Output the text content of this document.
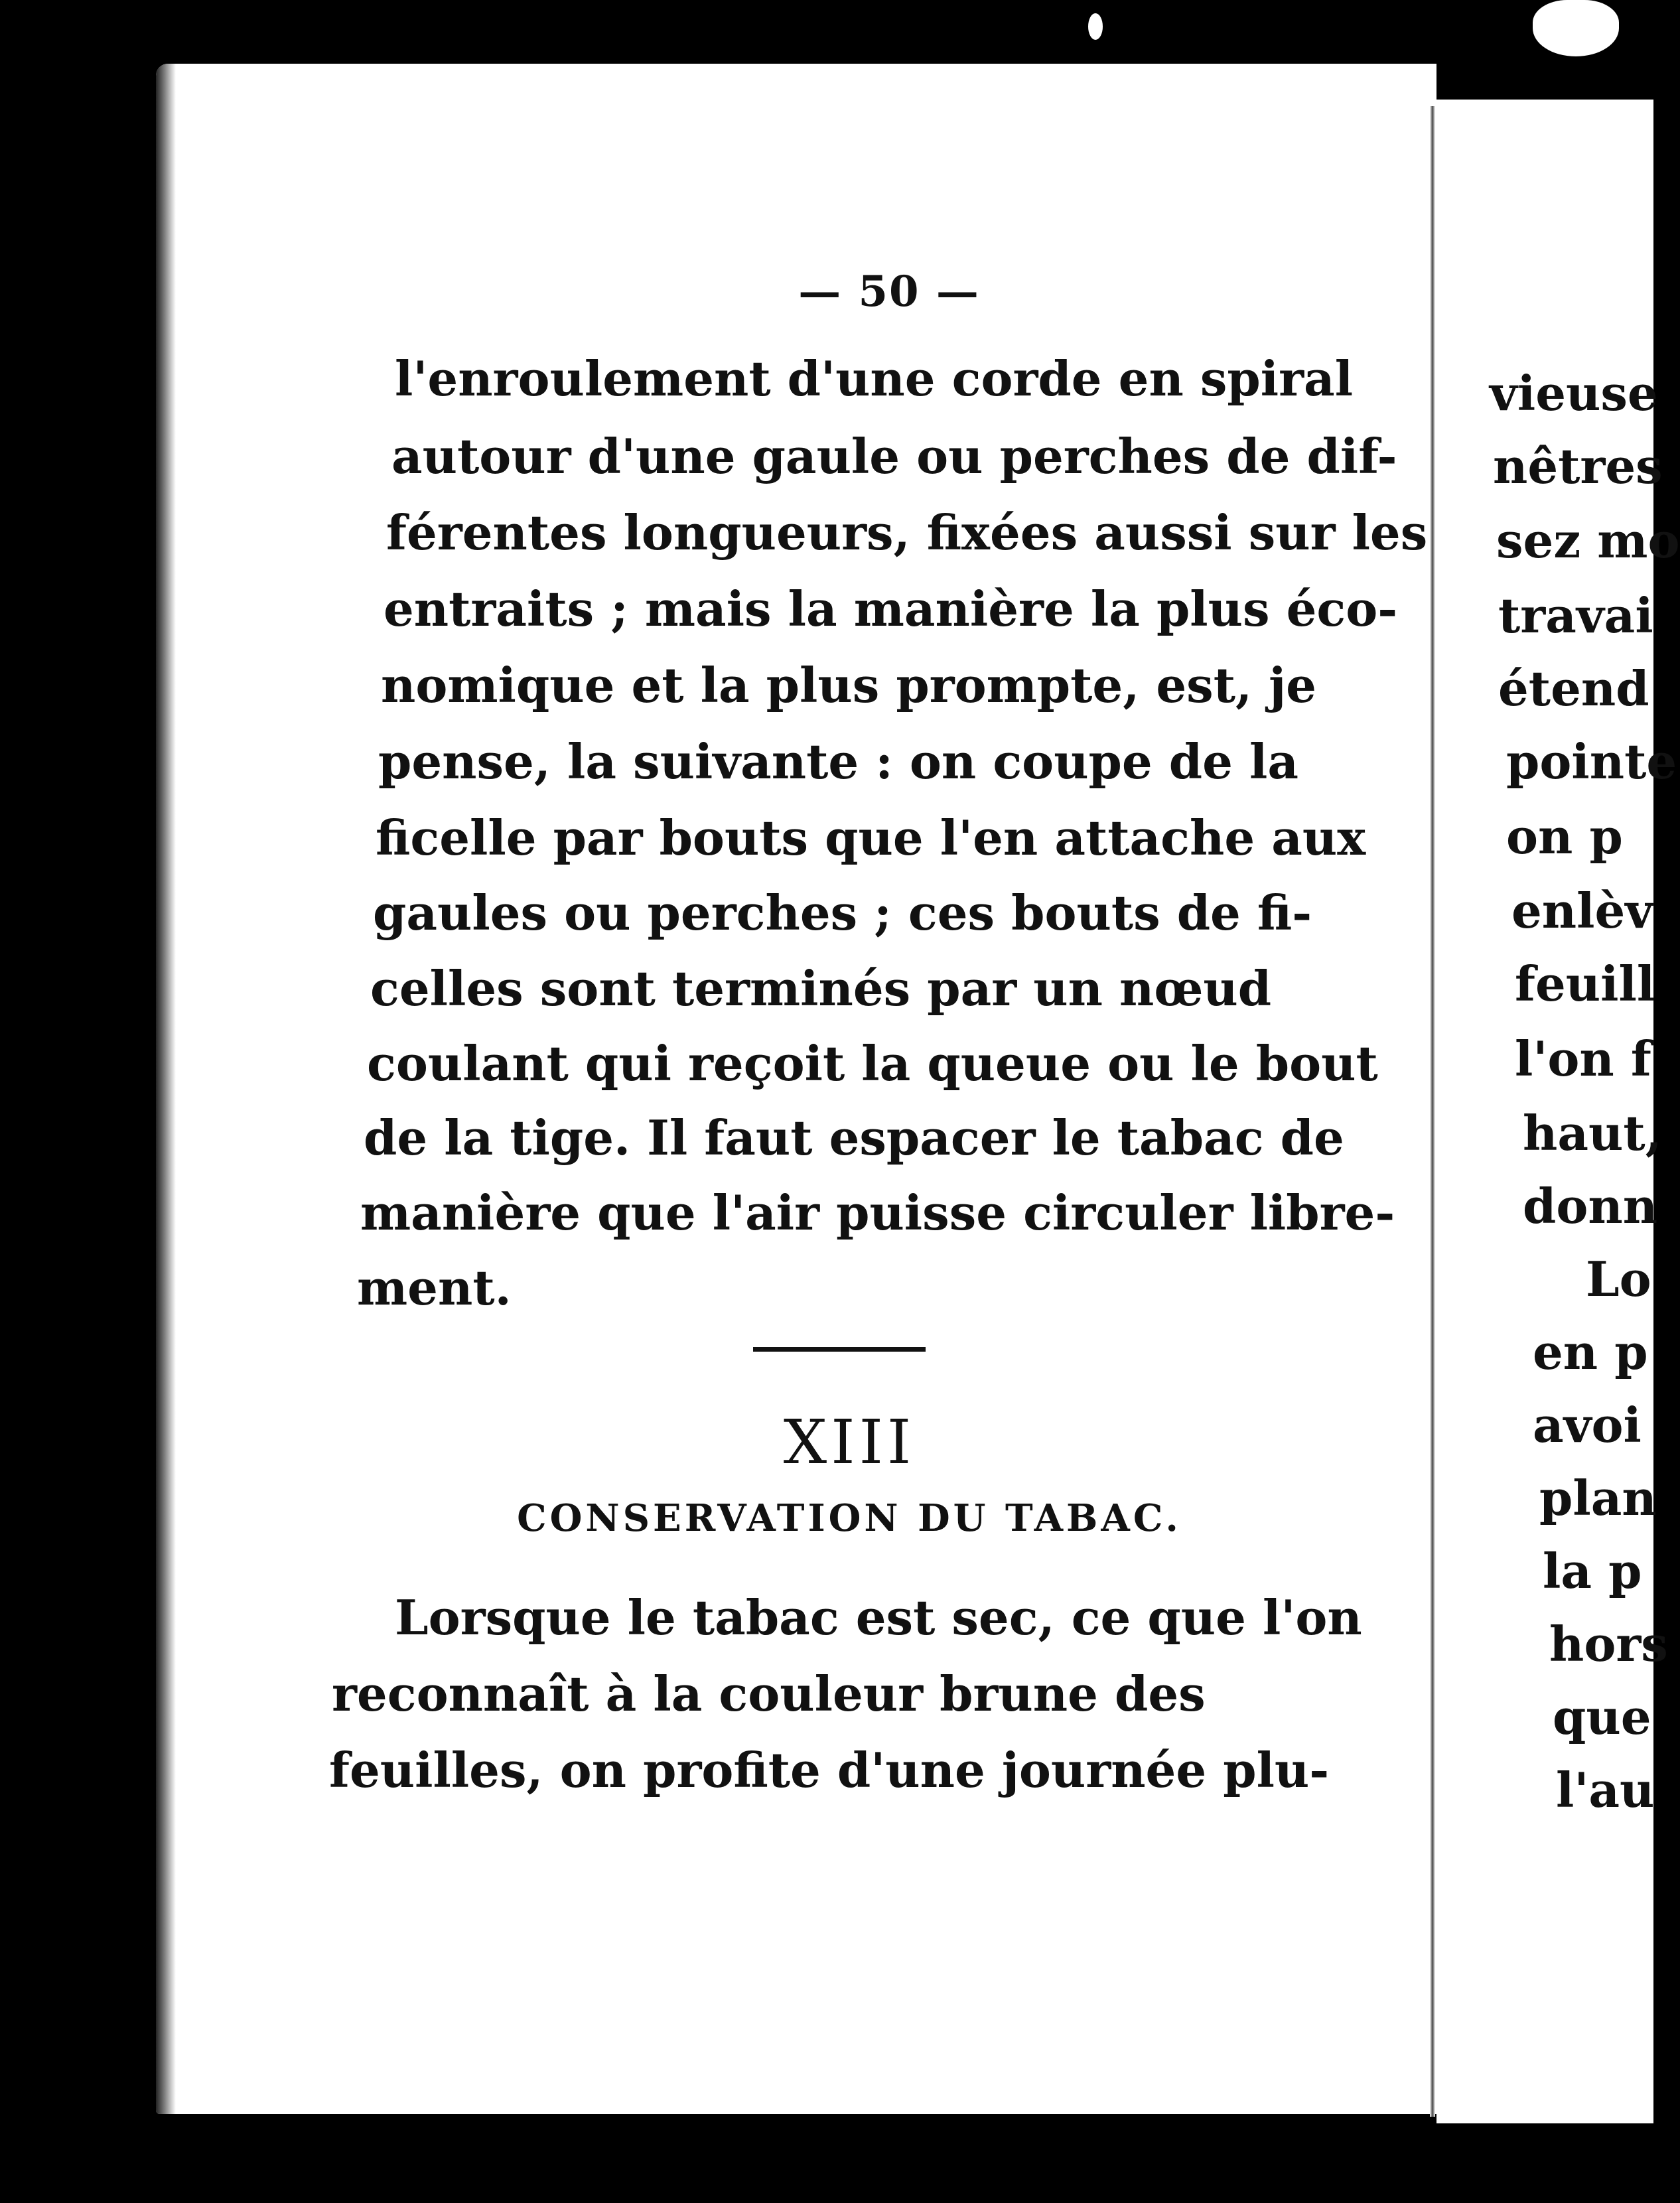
— 50 —
l'enroulement d'une corde en spiral
autour d'une gaule ou perches de dif-
férentes longueurs, fixées aussi sur les
entraits ; mais la manière la plus éco-
nomique et la plus prompte, est, je
pense, la suivante : on coupe de la
ficelle par bouts que l'en attache aux
gaules ou perches ; ces bouts de fi-
celles sont terminés par un nœud
coulant qui reçoit la queue ou le bout
de la tige. Il faut espacer le tabac de
manière que l'air puisse circuler libre-
ment.
XIII
CONSERVATION DU TABAC.
Lorsque le tabac est sec, ce que l'on
reconnaît à la couleur brune des
feuilles, on profite d'une journée plu-
vieuse
nêtres
sez mo
travai
étend
pointe
on p
enlèv
feuill
l'on f
haut,
donn
Lo
en p
avoi
plan
la p
hors
que
l'au
